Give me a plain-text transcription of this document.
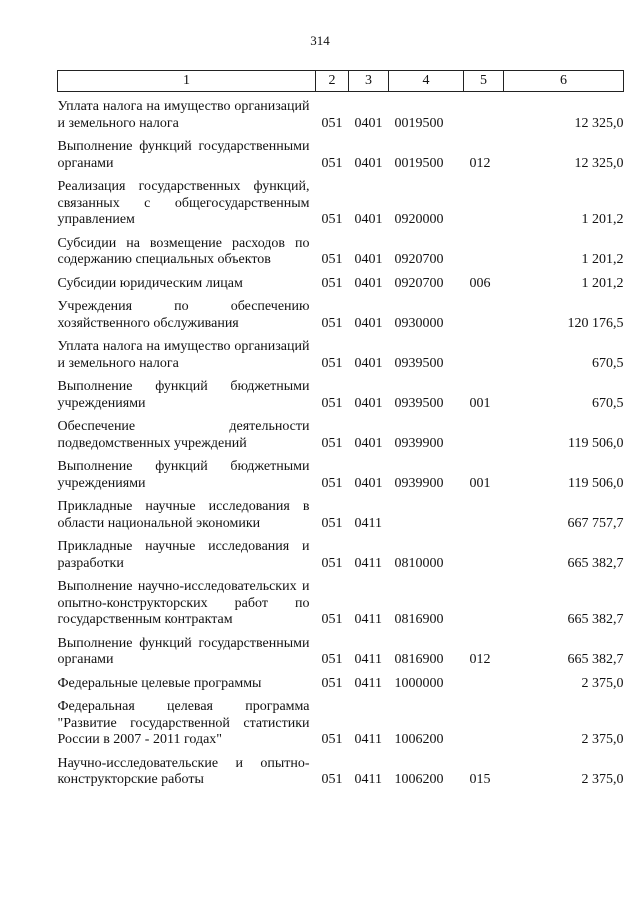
314
1	2	3	4	5	6

Уплата налога на имущество организаций и земельного налога	051	0401	0019500		12 325,0

Выполнение функций государственными органами	051	0401	0019500	012	12 325,0

Реализация государственных функций, связанных с общегосударственным управлением	051	0401	0920000		1 201,2

Субсидии на возмещение расходов по содержанию специальных объектов	051	0401	0920700		1 201,2

Субсидии юридическим лицам	051	0401	0920700	006	1 201,2

Учреждения по обеспечению хозяйственного обслуживания	051	0401	0930000		120 176,5

Уплата налога на имущество организаций и земельного налога	051	0401	0939500		670,5

Выполнение функций бюджетными учреждениями	051	0401	0939500	001	670,5

Обеспечение деятельности подведомственных учреждений	051	0401	0939900		119 506,0

Выполнение функций бюджетными учреждениями	051	0401	0939900	001	119 506,0

Прикладные научные исследования в области национальной экономики	051	0411			667 757,7

Прикладные научные исследования и разработки	051	0411	0810000		665 382,7

Выполнение научно-исследовательских и опытно-конструкторских работ по государственным контрактам	051	0411	0816900		665 382,7

Выполнение функций государственными органами	051	0411	0816900	012	665 382,7

Федеральные целевые программы	051	0411	1000000		2 375,0

Федеральная целевая программа "Развитие государственной статистики России в 2007 - 2011 годах"	051	0411	1006200		2 375,0

Научно-исследовательские и опытно-конструкторские работы	051	0411	1006200	015	2 375,0
